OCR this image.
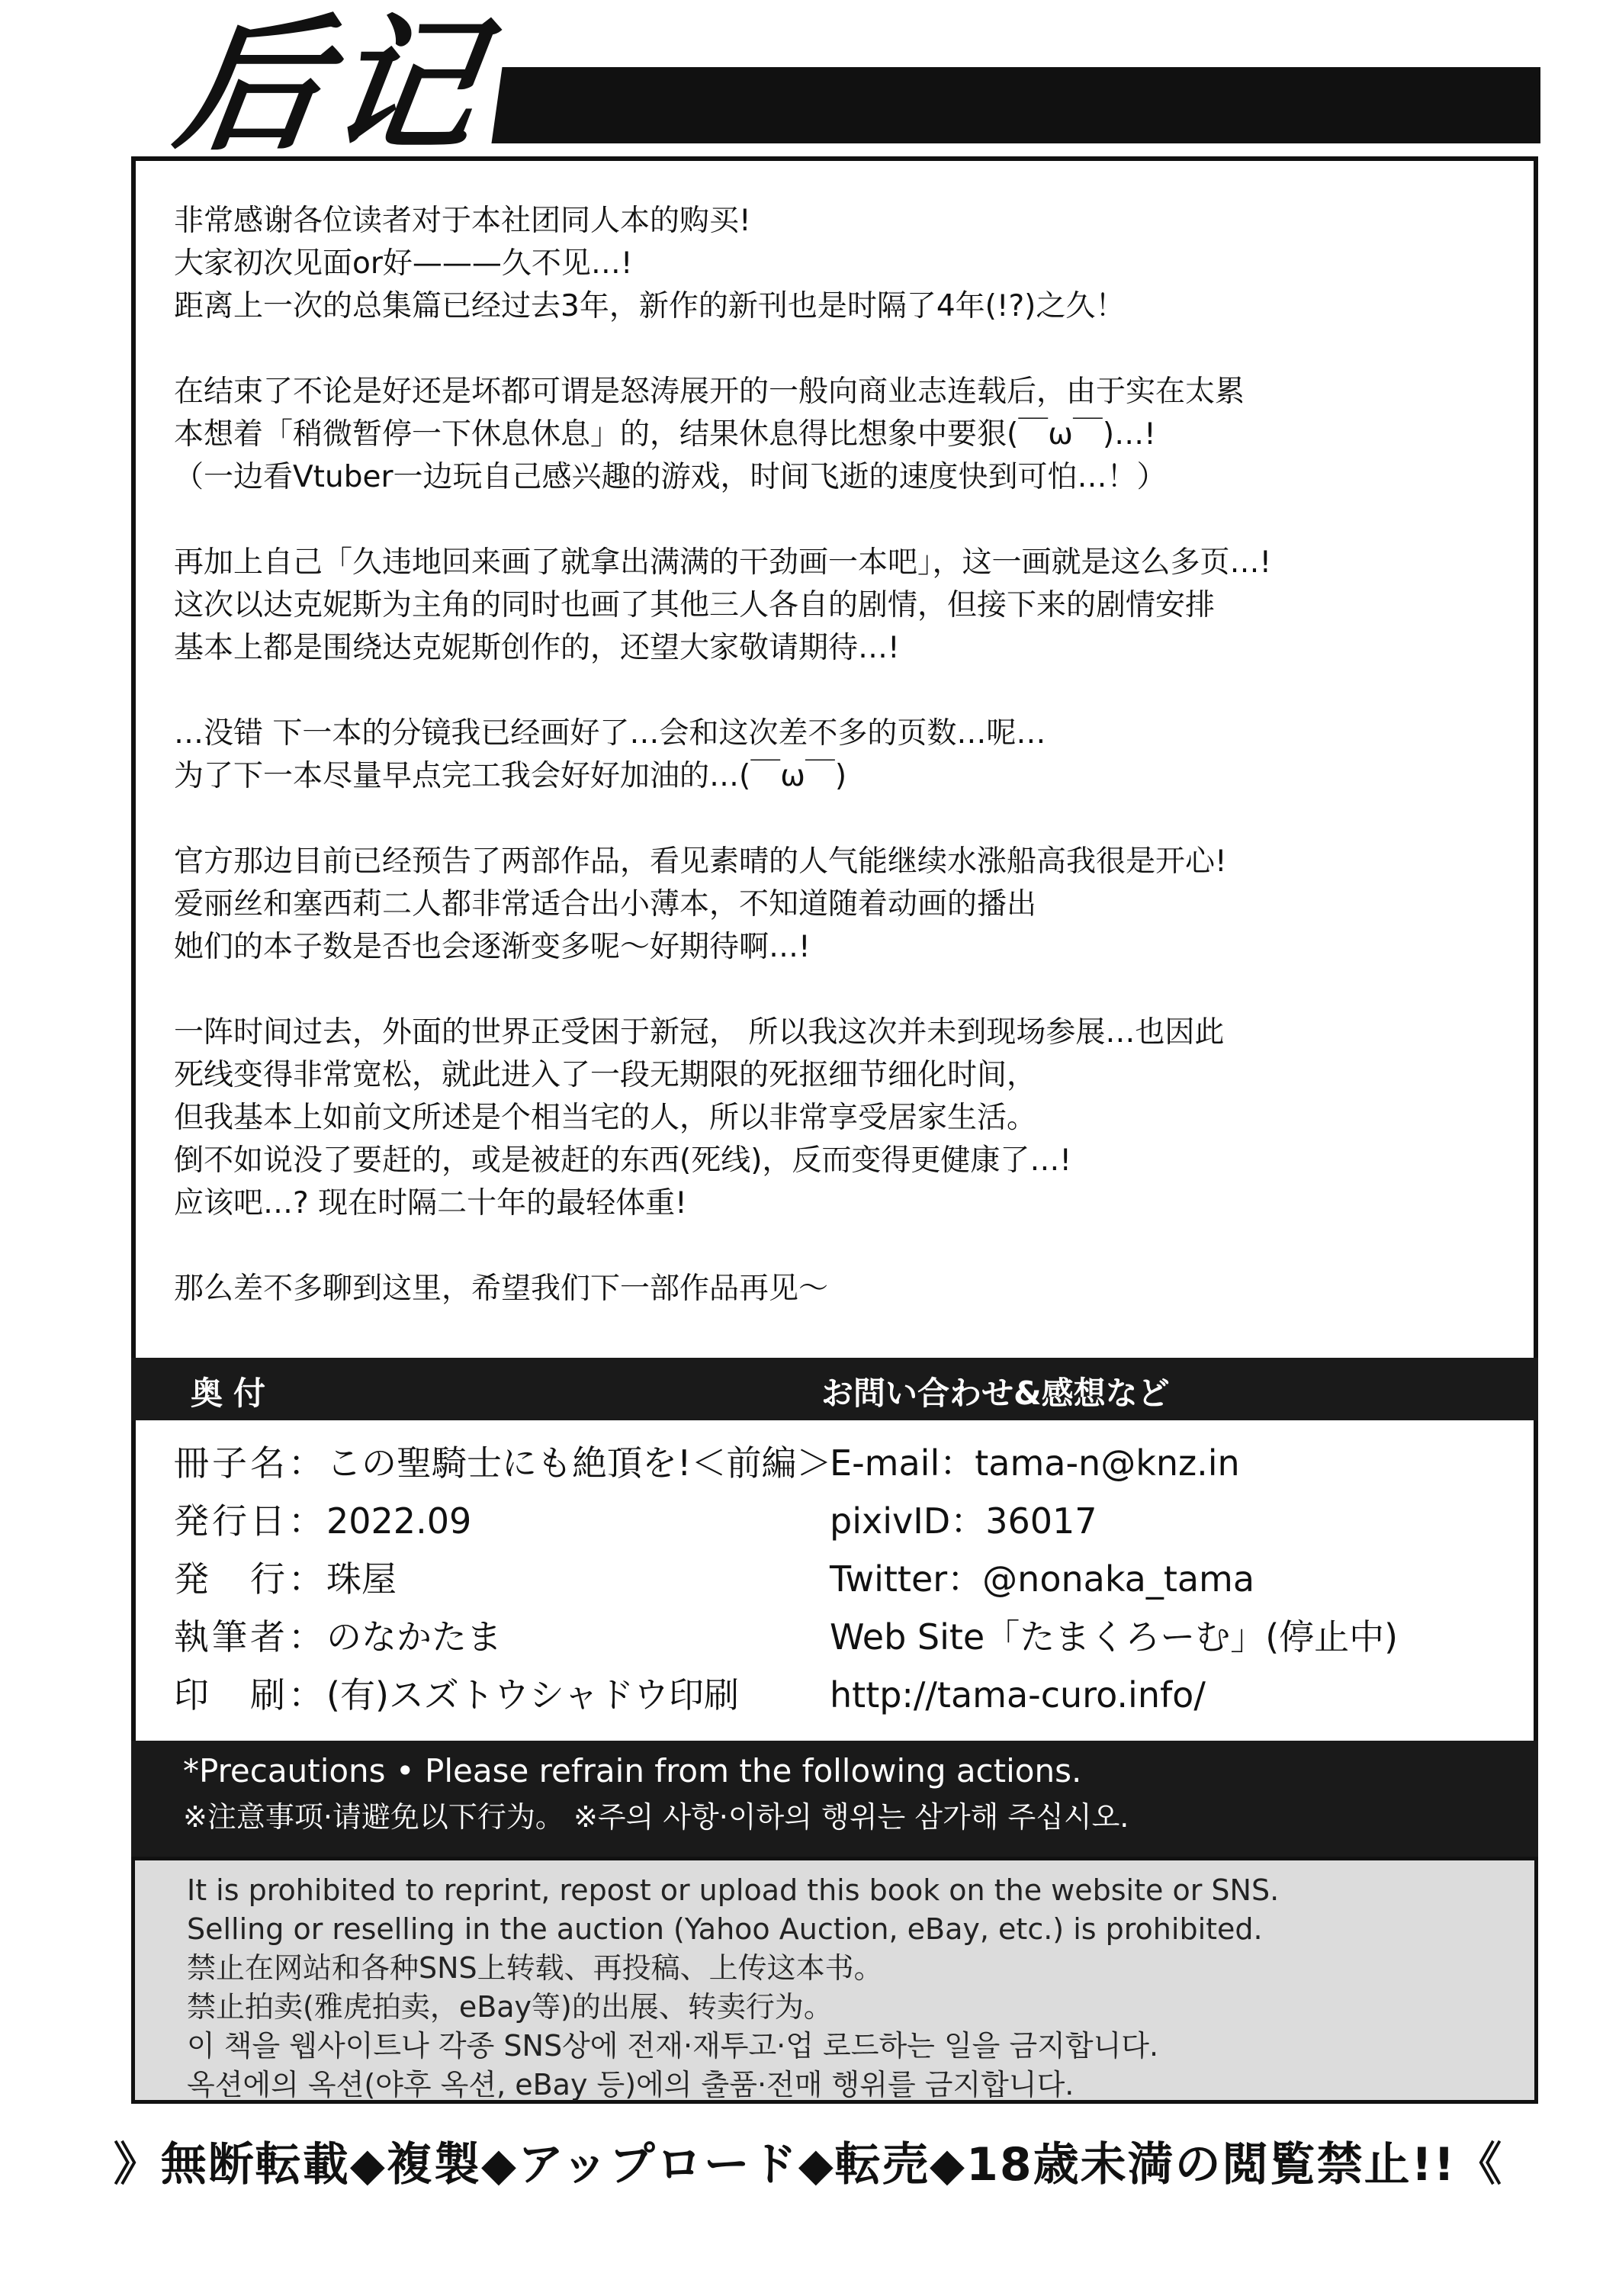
后记

非常感谢各位读者对于本社团同人本的购买!
大家初次见面or好———久不见…!
距离上一次的总集篇已经过去3年，新作的新刊也是时隔了4年(!?)之久！

在结束了不论是好还是坏都可谓是怒涛展开的一般向商业志连载后，由于实在太累
本想着「稍微暂停一下休息休息」的，结果休息得比想象中要狠(￣ω￣)…!
（一边看Vtuber一边玩自己感兴趣的游戏，时间飞逝的速度快到可怕…！）

再加上自己「久违地回来画了就拿出满满的干劲画一本吧」，这一画就是这么多页…!
这次以达克妮斯为主角的同时也画了其他三人各自的剧情，但接下来的剧情安排
基本上都是围绕达克妮斯创作的，还望大家敬请期待…!

…没错 下一本的分镜我已经画好了…会和这次差不多的页数…呢…
为了下一本尽量早点完工我会好好加油的…(￣ω￣)

官方那边目前已经预告了两部作品，看见素晴的人气能继续水涨船高我很是开心!
爱丽丝和塞西莉二人都非常适合出小薄本，不知道随着动画的播出
她们的本子数是否也会逐渐变多呢～好期待啊…!

一阵时间过去，外面的世界正受困于新冠， 所以我这次并未到现场参展…也因此
死线变得非常宽松，就此进入了一段无期限的死抠细节细化时间，
但我基本上如前文所述是个相当宅的人，所以非常享受居家生活。
倒不如说没了要赶的，或是被赶的东西(死线)，反而变得更健康了…!
应该吧…? 现在时隔二十年的最轻体重!

那么差不多聊到这里，希望我们下一部作品再见～

奥付	お問い合わせ&感想など
冊子名：この聖騎士にも絶頂を!＜前編＞
発行日：2022.09
発　行：珠屋
執筆者：のなかたま
印　刷：(有)スズトウシャドウ印刷
E-mail：tama-n@knz.in
pixivID：36017
Twitter：@nonaka_tama
Web Site「たまくろーむ」(停止中)
http://tama-curo.info/
*Precautions • Please refrain from the following actions.
※注意事项·请避免以下行为。 ※주의 사항·이하의 행위는 삼가해 주십시오.
It is prohibited to reprint, repost or upload this book on the website or SNS.
Selling or reselling in the auction (Yahoo Auction, eBay, etc.) is prohibited.
禁止在网站和各种SNS上转载、再投稿、上传这本书。
禁止拍卖(雅虎拍卖，eBay等)的出展、转卖行为。
이 책을 웹사이트나 각종 SNS상에 전재·재투고·업 로드하는 일을 금지합니다.
옥션에의 옥션(야후 옥션, eBay 등)에의 출품·전매 행위를 금지합니다.
》無断転載◆複製◆アップロード◆転売◆18歳未満の閲覧禁止!!《
